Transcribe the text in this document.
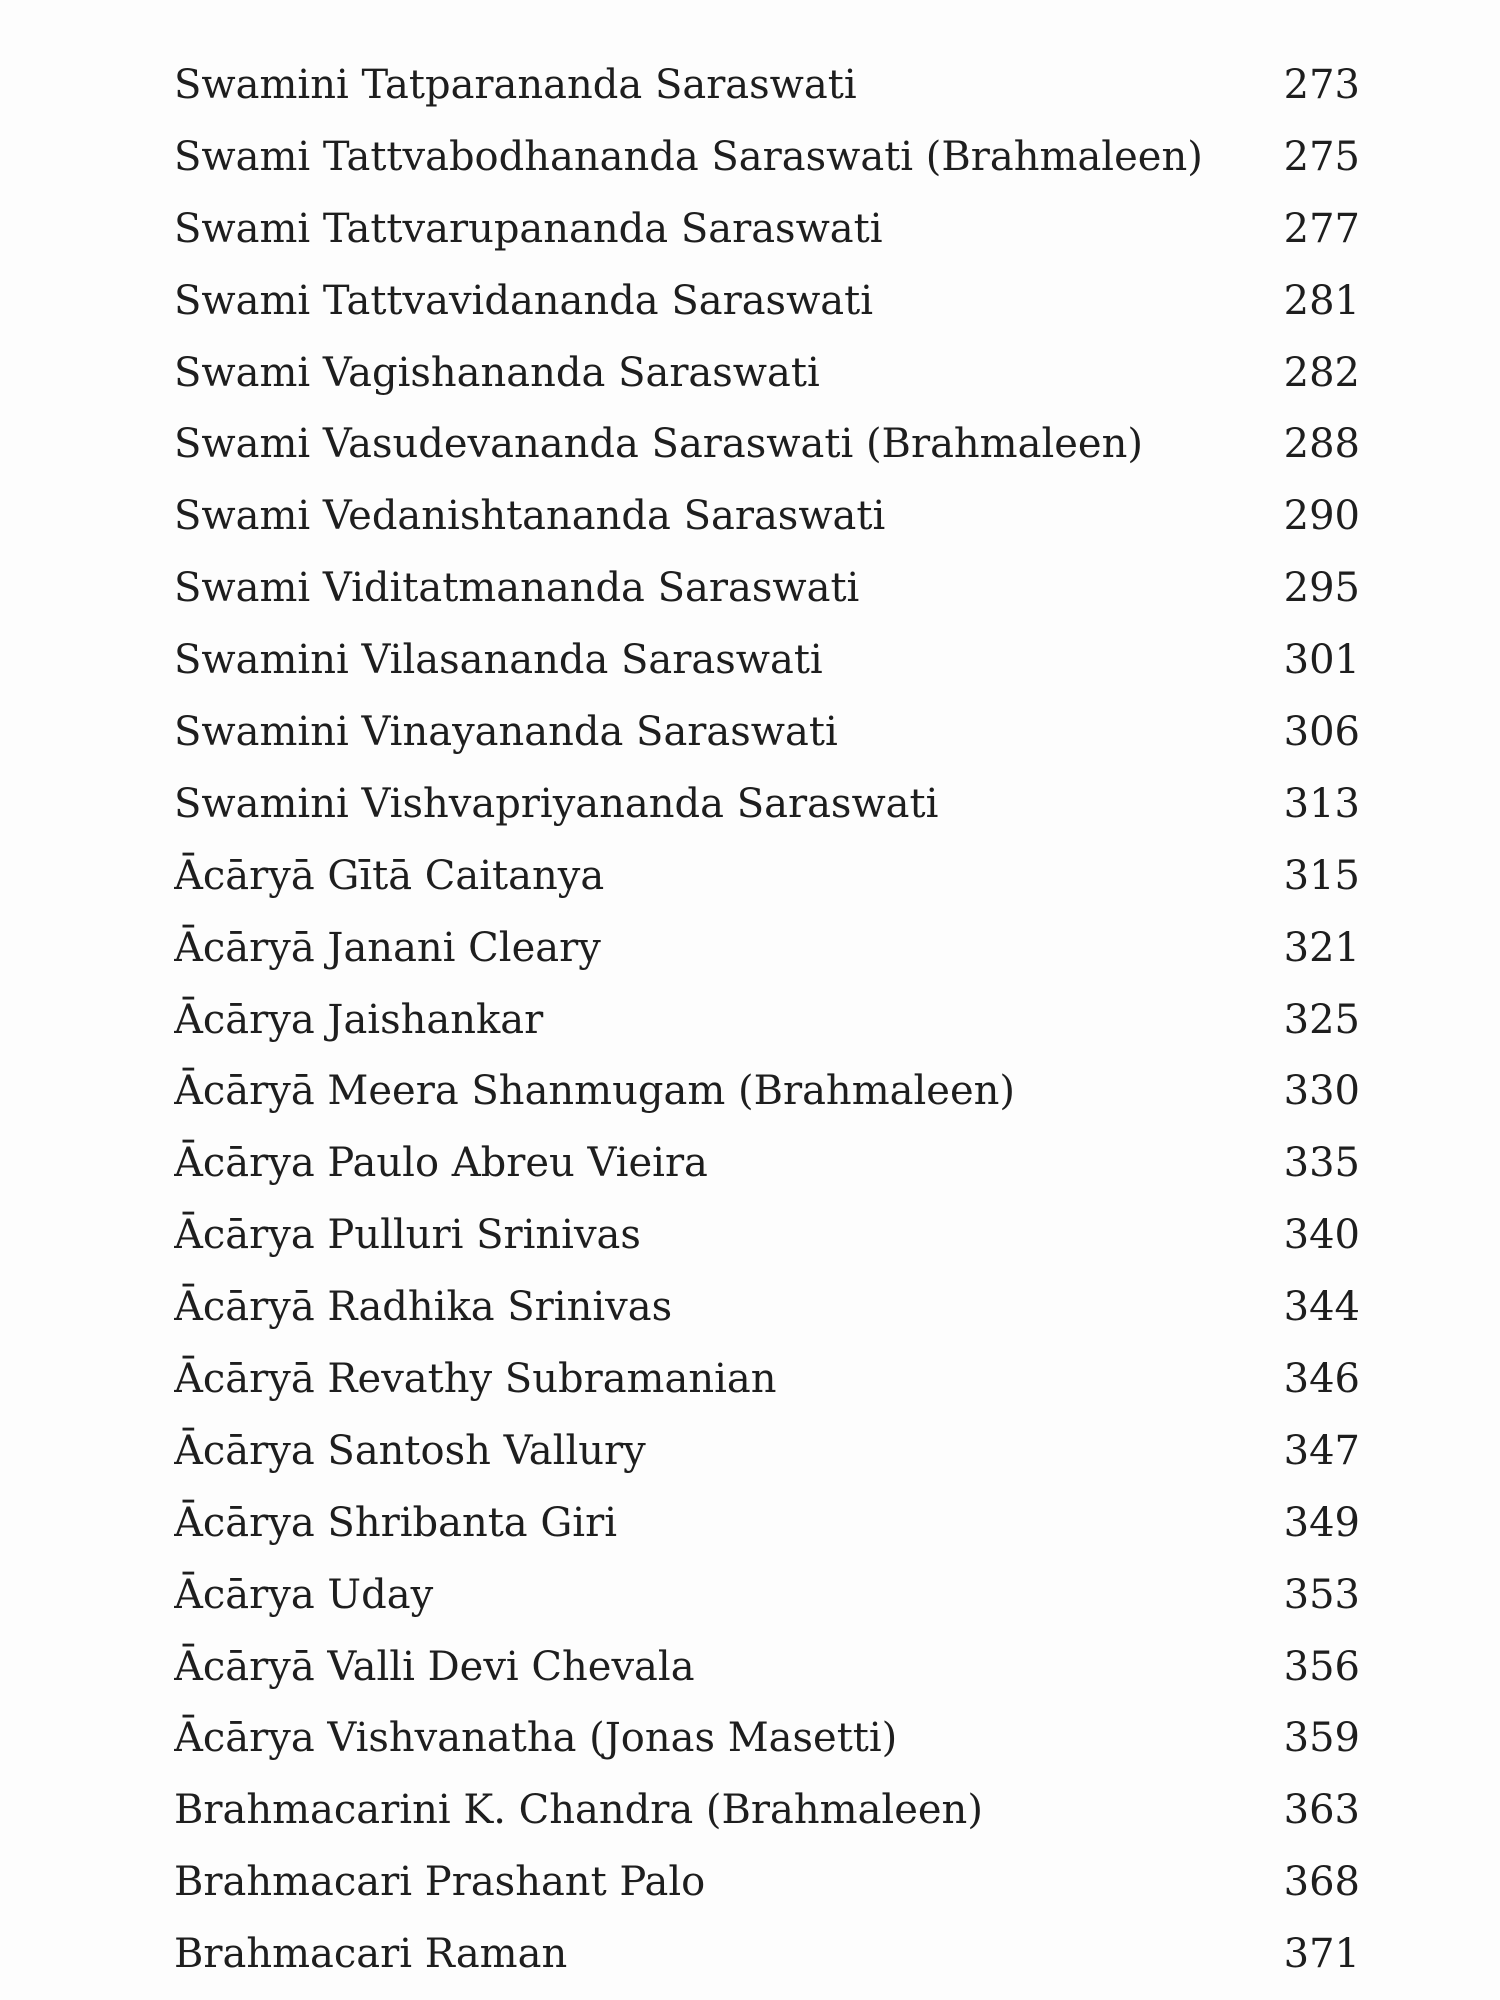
Swamini Tatparananda Saraswati	273
Swami Tattvabodhananda Saraswati (Brahmaleen)	275
Swami Tattvarupananda Saraswati	277
Swami Tattvavidananda Saraswati	281
Swami Vagishananda Saraswati	282
Swami Vasudevananda Saraswati (Brahmaleen)	288
Swami Vedanishtananda Saraswati	290
Swami Viditatmananda Saraswati	295
Swamini Vilasananda Saraswati	301
Swamini Vinayananda Saraswati	306
Swamini Vishvapriyananda Saraswati	313
Ācāryā Gītā Caitanya	315
Ācāryā Janani Cleary	321
Ācārya Jaishankar	325
Ācāryā Meera Shanmugam (Brahmaleen)	330
Ācārya Paulo Abreu Vieira	335
Ācārya Pulluri Srinivas	340
Ācāryā Radhika Srinivas	344
Ācāryā Revathy Subramanian	346
Ācārya Santosh Vallury	347
Ācārya Shribanta Giri	349
Ācārya Uday	353
Ācāryā Valli Devi Chevala	356
Ācārya Vishvanatha (Jonas Masetti)	359
Brahmacarini K. Chandra (Brahmaleen)	363
Brahmacari Prashant Palo	368
Brahmacari Raman	371
